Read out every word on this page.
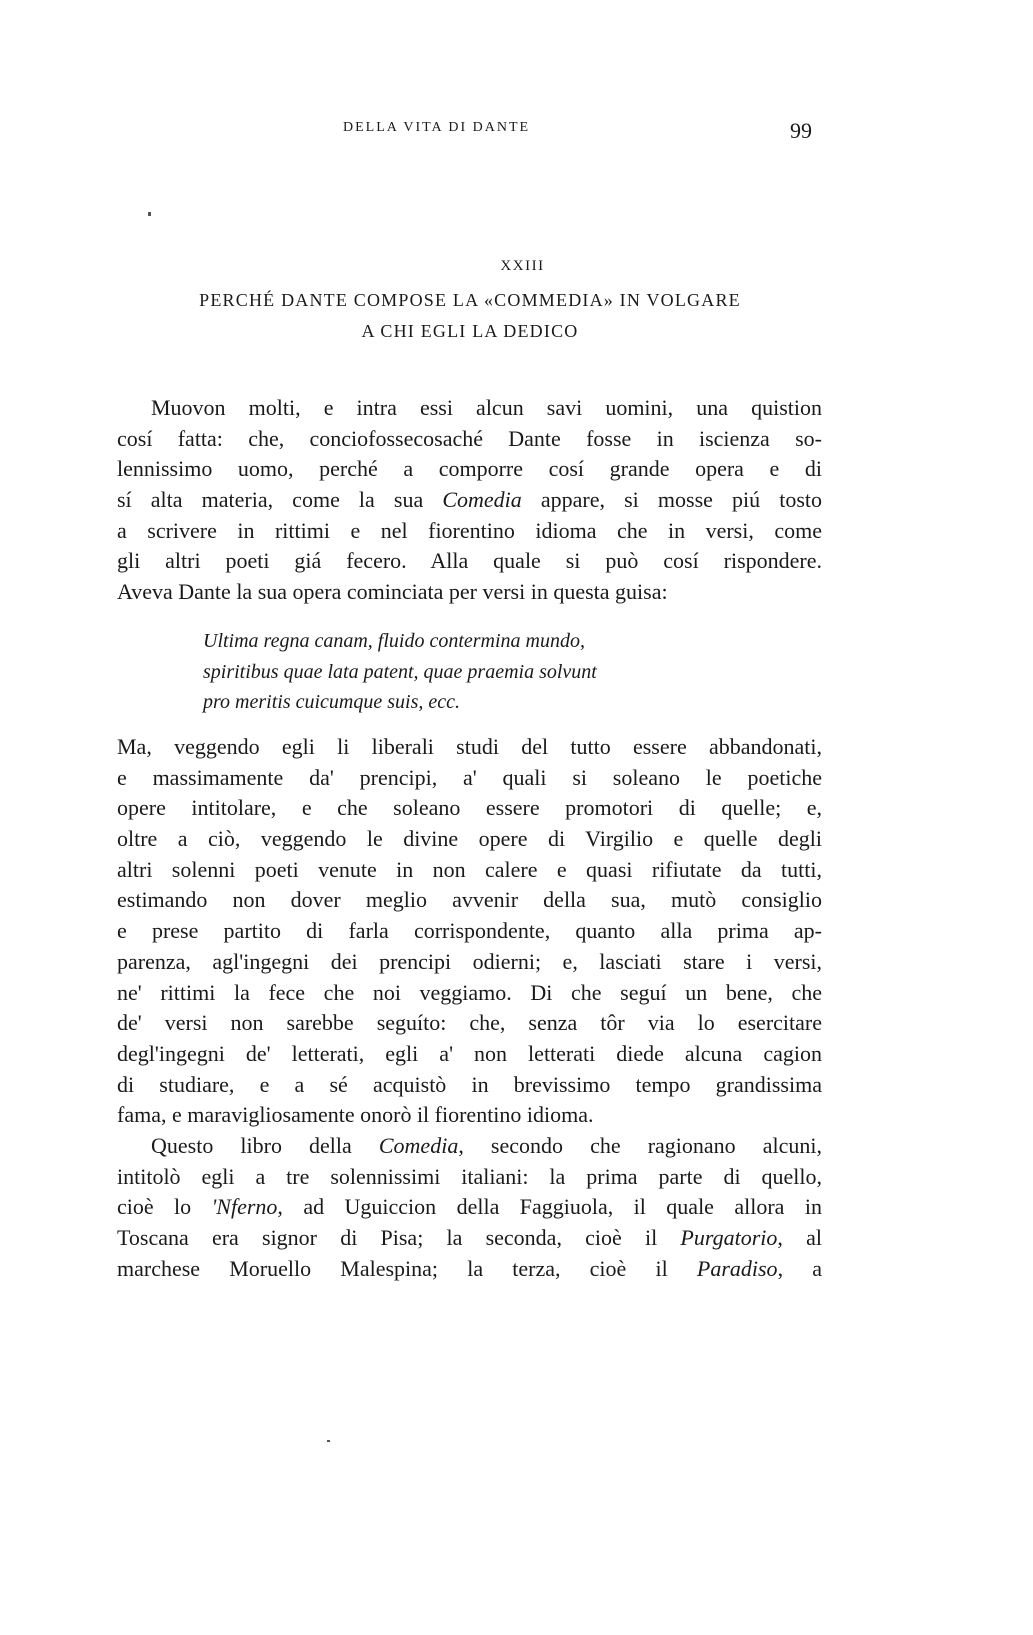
DELLA VITA DI DANTE	99
XXIII
PERCHÉ DANTE COMPOSE LA «COMMEDIA» IN VOLGARE
A CHI EGLI LA DEDICO
Muovon molti, e intra essi alcun savi uomini, una quistion
cosí fatta: che, conciofossecosaché Dante fosse in iscienza so-
lennissimo uomo, perché a comporre cosí grande opera e di
sí alta materia, come la sua Comedia appare, si mosse piú tosto
a scrivere in rittimi e nel fiorentino idioma che in versi, come
gli altri poeti giá fecero. Alla quale si può cosí rispondere.
Aveva Dante la sua opera cominciata per versi in questa guisa:
Ultima regna canam, fluido contermina mundo,
spiritibus quae lata patent, quae praemia solvunt
pro meritis cuicumque suis, ecc.
Ma, veggendo egli li liberali studi del tutto essere abbandonati,
e massimamente da' prencipi, a' quali si soleano le poetiche
opere intitolare, e che soleano essere promotori di quelle; e,
oltre a ciò, veggendo le divine opere di Virgilio e quelle degli
altri solenni poeti venute in non calere e quasi rifiutate da tutti,
estimando non dover meglio avvenir della sua, mutò consiglio
e prese partito di farla corrispondente, quanto alla prima ap-
parenza, agl'ingegni dei prencipi odierni; e, lasciati stare i versi,
ne' rittimi la fece che noi veggiamo. Di che seguí un bene, che
de' versi non sarebbe seguíto: che, senza tôr via lo esercitare
degl'ingegni de' letterati, egli a' non letterati diede alcuna cagion
di studiare, e a sé acquistò in brevissimo tempo grandissima
fama, e maravigliosamente onorò il fiorentino idioma.
Questo libro della Comedia, secondo che ragionano alcuni,
intitolò egli a tre solennissimi italiani: la prima parte di quello,
cioè lo 'Nferno, ad Uguiccion della Faggiuola, il quale allora in
Toscana era signor di Pisa; la seconda, cioè il Purgatorio, al
marchese Moruello Malespina; la terza, cioè il Paradiso, a
